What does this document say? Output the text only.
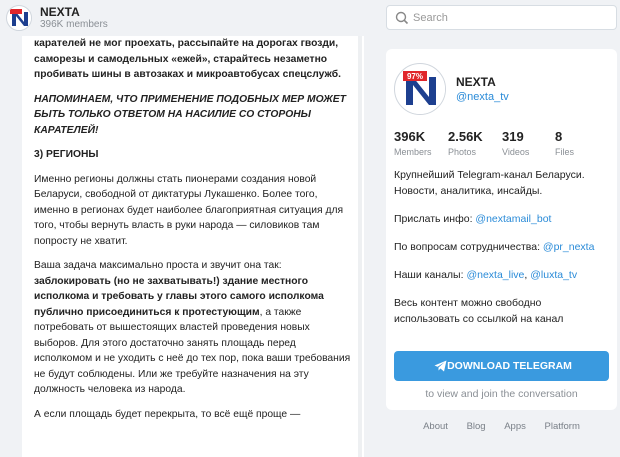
NEXTA
396K members
Search
карателей не мог проехать, рассыпайте на дорогах гвозди, саморезы и самодельных «ежей», старайтесь незаметно пробивать шины в автозаках и микроавтобусах спецслужб.
НАПОМИНАЕМ, ЧТО ПРИМЕНЕНИЕ ПОДОБНЫХ МЕР МОЖЕТ БЫТЬ ТОЛЬКО ОТВЕТОМ НА НАСИЛИЕ СО СТОРОНЫ КАРАТЕЛЕЙ!
3) РЕГИОНЫ
Именно регионы должны стать пионерами создания новой Беларуси, свободной от диктатуры Лукашенко. Более того, именно в регионах будет наиболее благоприятная ситуация для того, чтобы вернуть власть в руки народа — силовиков там попросту не хватит.
Ваша задача максимально проста и звучит она так: заблокировать (но не захватывать!) здание местного исполкома и требовать у главы этого самого исполкома публично присоединиться к протестующим, а также потребовать от вышестоящих властей проведения новых выборов. Для этого достаточно занять площадь перед исполкомом и не уходить с неё до тех пор, пока ваши требования не будут соблюдены. Или же требуйте назначения на эту должность человека из народа.
А если площадь будет перекрыта, то всё ещё проще —
97%	NEXTA
@nexta_tv
396K
Members
2.56K
Photos
319
Videos
8
Files
Крупнейший Telegram-канал Беларуси. Новости, аналитика, инсайды.
Прислать инфо: @nextamail_bot
По вопросам сотрудничества: @pr_nexta
Наши каналы: @nexta_live, @luxta_tv
Весь контент можно свободно использовать со ссылкой на канал
DOWNLOAD TELEGRAM
to view and join the conversation
About Blog Apps Platform
